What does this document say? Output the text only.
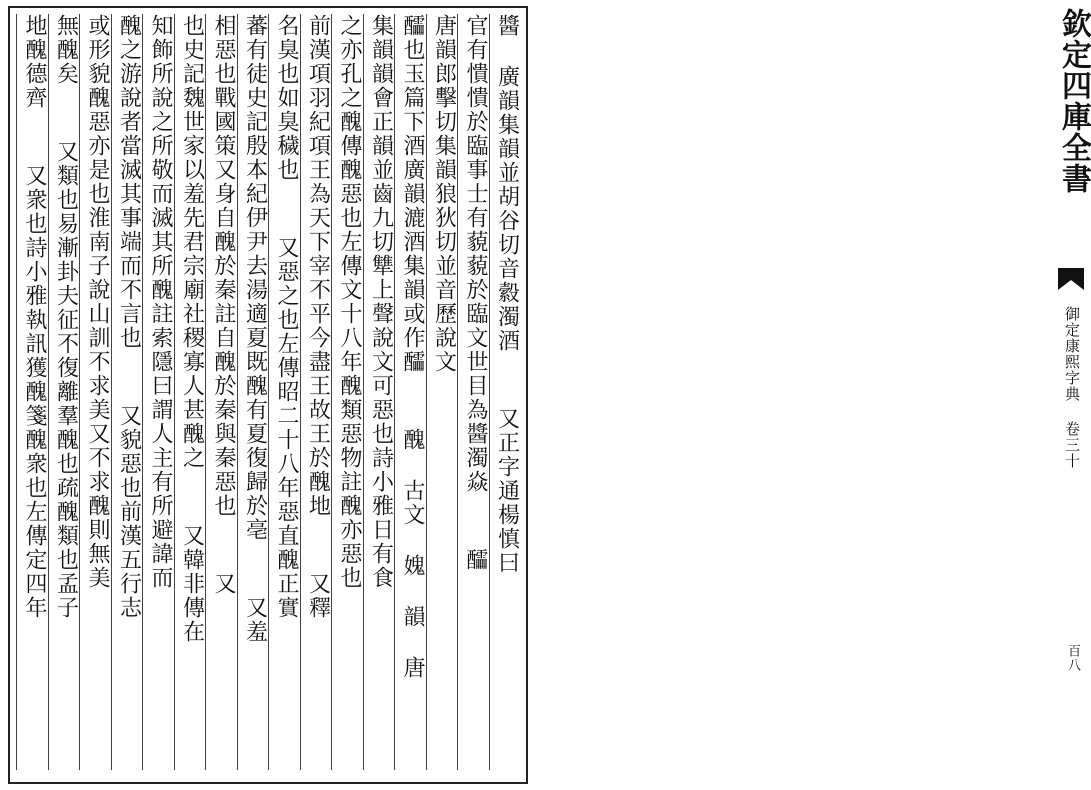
醬 廣韻集韻並胡谷切音縠濁酒  又正字通楊慎曰
官有憒憒於臨事士有藐藐於臨文世目為醬濁焱  醽
唐韻郎擊切集韻狼狄切並音歷說文
醽也玉篇下酒廣韻漉酒集韻或作醽  醜 古文 媿 韻 唐
集韻韻會正韻並齒九切犨上聲說文可惡也詩小雅日有食
之亦孔之醜傳醜惡也左傳文十八年醜類惡物註醜亦惡也
前漢項羽紀項王為天下宰不平今盡王故王於醜地  又釋
名臭也如臭穢也  又惡之也左傳昭二十八年惡直醜正實
蕃有徒史記殷本紀伊尹去湯適夏既醜有夏復歸於亳  又羞
相惡也戰國策又身自醜於秦註自醜於秦與秦惡也  又
也史記魏世家以羞先君宗廟社稷寡人甚醜之  又韓非傳在
知飾所說之所敬而滅其所醜註索隱曰謂人主有所避諱而
醜之游說者當滅其事端而不言也  又貌惡也前漢五行志
或形貌醜惡亦是也淮南子說山訓不求美又不求醜則無美
無醜矣  又類也易漸卦夫征不復離羣醜也疏醜類也孟子
地醜德齊  又衆也詩小雅執訊獲醜箋醜衆也左傳定四年	欽定四庫全書
御定康熙字典 卷三十
百八
